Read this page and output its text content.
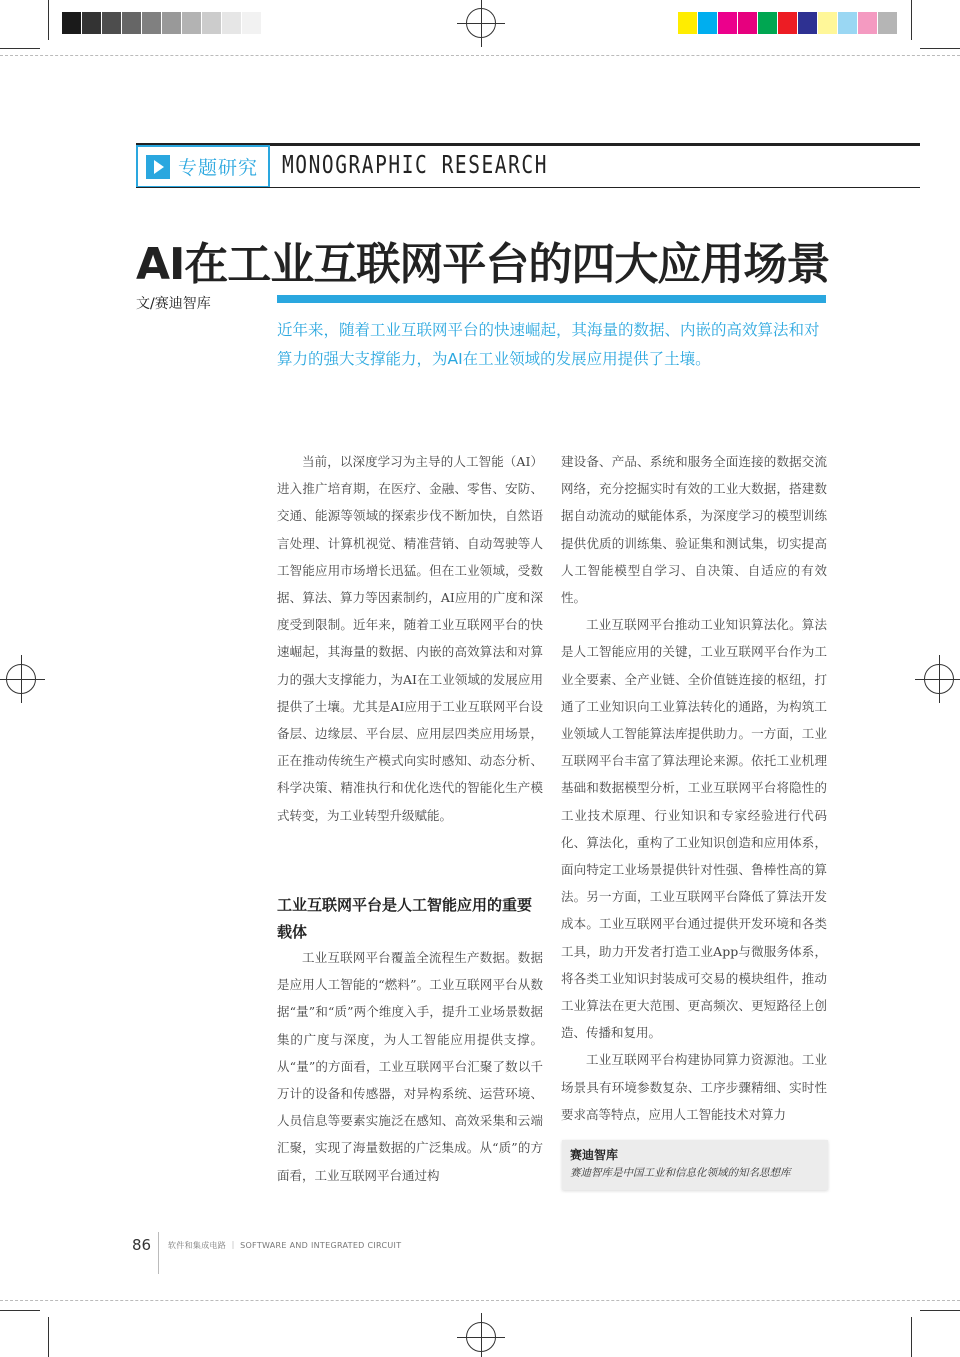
专题研究 MONOGRAPHIC RESEARCH
AI在工业互联网平台的四大应用场景
文/赛迪智库
近年来，随着工业互联网平台的快速崛起，其海量的数据、内嵌的高效算法和对算力的强大支撑能力，为AI在工业领域的发展应用提供了土壤。

当前，以深度学习为主导的人工智能（AI）进入推广培育期，在医疗、金融、零售、安防、交通、能源等领域的探索步伐不断加快，自然语言处理、计算机视觉、精准营销、自动驾驶等人工智能应用市场增长迅猛。但在工业领域，受数据、算法、算力等因素制约，AI应用的广度和深度受到限制。近年来，随着工业互联网平台的快速崛起，其海量的数据、内嵌的高效算法和对算力的强大支撑能力，为AI在工业领域的发展应用提供了土壤。尤其是AI应用于工业互联网平台设备层、边缘层、平台层、应用层四类应用场景，正在推动传统生产模式向实时感知、动态分析、科学决策、精准执行和优化迭代的智能化生产模式转变，为工业转型升级赋能。

工业互联网平台是人工智能应用的重要载体

工业互联网平台覆盖全流程生产数据。数据是应用人工智能的“燃料”。工业互联网平台从数据“量”和“质”两个维度入手，提升工业场景数据集的广度与深度，为人工智能应用提供支撑。从“量”的方面看，工业互联网平台汇聚了数以千万计的设备和传感器，对异构系统、运营环境、人员信息等要素实施泛在感知、高效采集和云端汇聚，实现了海量数据的广泛集成。从“质”的方面看，工业互联网平台通过构

建设备、产品、系统和服务全面连接的数据交流网络，充分挖掘实时有效的工业大数据，搭建数据自动流动的赋能体系，为深度学习的模型训练提供优质的训练集、验证集和测试集，切实提高人工智能模型自学习、自决策、自适应的有效性。

工业互联网平台推动工业知识算法化。算法是人工智能应用的关键，工业互联网平台作为工业全要素、全产业链、全价值链连接的枢纽，打通了工业知识向工业算法转化的通路，为构筑工业领域人工智能算法库提供助力。一方面，工业互联网平台丰富了算法理论来源。依托工业机理基础和数据模型分析，工业互联网平台将隐性的工业技术原理、行业知识和专家经验进行代码化、算法化，重构了工业知识创造和应用体系，面向特定工业场景提供针对性强、鲁棒性高的算法。另一方面，工业互联网平台降低了算法开发成本。工业互联网平台通过提供开发环境和各类工具，助力开发者打造工业App与微服务体系，将各类工业知识封装成可交易的模块组件，推动工业算法在更大范围、更高频次、更短路径上创造、传播和复用。

工业互联网平台构建协同算力资源池。工业场景具有环境参数复杂、工序步骤精细、实时性要求高等特点，应用人工智能技术对算力

赛迪智库
赛迪智库是中国工业和信息化领域的知名思想库
86 软件和集成电路 ｜ SOFTWARE AND INTEGRATED CIRCUIT
